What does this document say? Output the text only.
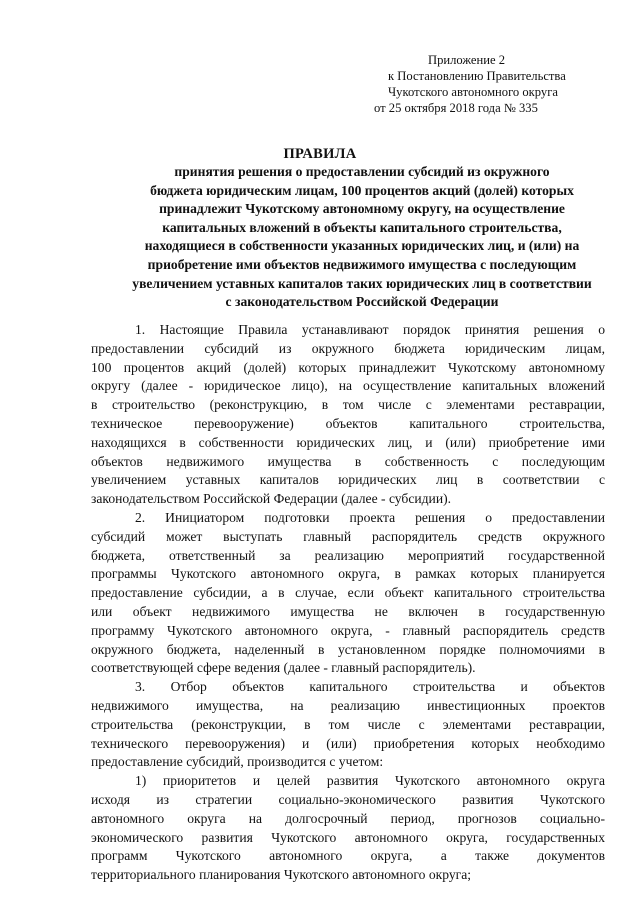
Приложение 2
к Постановлению Правительства
Чукотского автономного округа
от 25 октября 2018 года № 335
ПРАВИЛА
принятия решения о предоставлении субсидий из окружного
бюджета юридическим лицам, 100 процентов акций (долей) которых
принадлежит Чукотскому автономному округу, на осуществление
капитальных вложений в объекты капитального строительства,
находящиеся в собственности указанных юридических лиц, и (или) на
приобретение ими объектов недвижимого имущества с последующим
увеличением уставных капиталов таких юридических лиц в соответствии
с законодательством Российской Федерации
1. Настоящие Правила устанавливают порядок принятия решения о
предоставлении субсидий из окружного бюджета юридическим лицам,
100 процентов акций (долей) которых принадлежит Чукотскому автономному
округу (далее - юридическое лицо), на осуществление капитальных вложений
в строительство (реконструкцию, в том числе с элементами реставрации,
техническое перевооружение) объектов капитального строительства,
находящихся в собственности юридических лиц, и (или) приобретение ими
объектов недвижимого имущества в собственность с последующим
увеличением уставных капиталов юридических лиц в соответствии с
законодательством Российской Федерации (далее - субсидии).
2. Инициатором подготовки проекта решения о предоставлении
субсидий может выступать главный распорядитель средств окружного
бюджета, ответственный за реализацию мероприятий государственной
программы Чукотского автономного округа, в рамках которых планируется
предоставление субсидии, а в случае, если объект капитального строительства
или объект недвижимого имущества не включен в государственную
программу Чукотского автономного округа, - главный распорядитель средств
окружного бюджета, наделенный в установленном порядке полномочиями в
соответствующей сфере ведения (далее - главный распорядитель).
3. Отбор объектов капитального строительства и объектов
недвижимого имущества, на реализацию инвестиционных проектов
строительства (реконструкции, в том числе с элементами реставрации,
технического перевооружения) и (или) приобретения которых необходимо
предоставление субсидий, производится с учетом:
1) приоритетов и целей развития Чукотского автономного округа
исходя из стратегии социально-экономического развития Чукотского
автономного округа на долгосрочный период, прогнозов социально-
экономического развития Чукотского автономного округа, государственных
программ Чукотского автономного округа, а также документов
территориального планирования Чукотского автономного округа;
